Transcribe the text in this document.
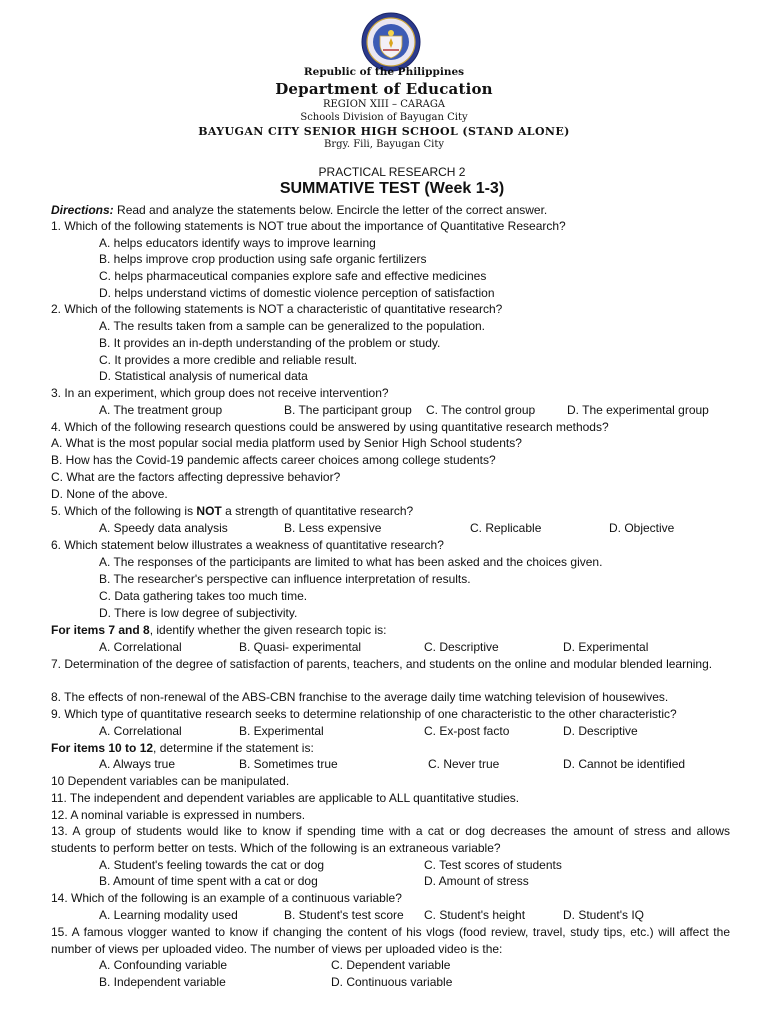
Republic of the Philippines
Department of Education
REGION XIII – CARAGA
Schools Division of Bayugan City
BAYUGAN CITY SENIOR HIGH SCHOOL (STAND ALONE)
Brgy. Fili, Bayugan City
PRACTICAL RESEARCH 2
SUMMATIVE TEST (Week 1-3)
Directions: Read and analyze the statements below. Encircle the letter of the correct answer.
1. Which of the following statements is NOT true about the importance of Quantitative Research?
A. helps educators identify ways to improve learning
B. helps improve crop production using safe organic fertilizers
C. helps pharmaceutical companies explore safe and effective medicines
D. helps understand victims of domestic violence perception of satisfaction
2. Which of the following statements is NOT a characteristic of quantitative research?
A. The results taken from a sample can be generalized to the population.
B. It provides an in-depth understanding of the problem or study.
C. It provides a more credible and reliable result.
D. Statistical analysis of numerical data
3. In an experiment, which group does not receive intervention?
A. The treatment group	B. The participant group C. The control group	D. The experimental group
4. Which of the following research questions could be answered by using quantitative research methods?
A. What is the most popular social media platform used by Senior High School students?
B. How has the Covid-19 pandemic affects career choices among college students?
C. What are the factors affecting depressive behavior?
D. None of the above.
5. Which of the following is NOT a strength of quantitative research?
A. Speedy data analysis	B. Less expensive	C. Replicable	D. Objective
6. Which statement below illustrates a weakness of quantitative research?
A. The responses of the participants are limited to what has been asked and the choices given.
B. The researcher's perspective can influence interpretation of results.
C. Data gathering takes too much time.
D. There is low degree of subjectivity.
For items 7 and 8, identify whether the given research topic is:
A. Correlational	B. Quasi- experimental	C. Descriptive	D. Experimental
7. Determination of the degree of satisfaction of parents, teachers, and students on the online and modular blended learning.
8. The effects of non-renewal of the ABS-CBN franchise to the average daily time watching television of housewives.
9. Which type of quantitative research seeks to determine relationship of one characteristic to the other characteristic?
A. Correlational	B. Experimental	C. Ex-post facto	D. Descriptive
For items 10 to 12, determine if the statement is:
A. Always true	B. Sometimes true	C. Never true	D. Cannot be identified
10 Dependent variables can be manipulated.
11. The independent and dependent variables are applicable to ALL quantitative studies.
12. A nominal variable is expressed in numbers.
13. A group of students would like to know if spending time with a cat or dog decreases the amount of stress and allows students to perform better on tests. Which of the following is an extraneous variable?
A. Student's feeling towards the cat or dog	C. Test scores of students
B. Amount of time spent with a cat or dog	D. Amount of stress
14. Which of the following is an example of a continuous variable?
A. Learning modality used	B. Student's test score C. Student's height	D. Student's IQ
15. A famous vlogger wanted to know if changing the content of his vlogs (food review, travel, study tips, etc.) will affect the number of views per uploaded video. The number of views per uploaded video is the:
A. Confounding variable	C. Dependent variable
B. Independent variable	D. Continuous variable
